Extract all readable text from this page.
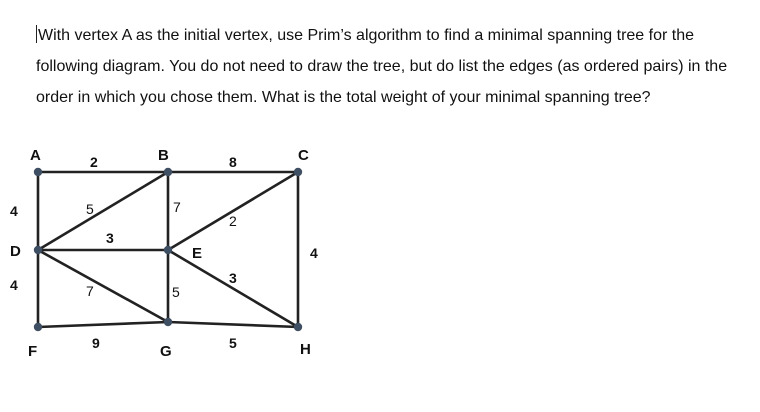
With vertex A as the initial vertex, use Prim’s algorithm to find a minimal spanning tree for the following diagram. You do not need to draw the tree, but do list the edges (as ordered pairs) in the order in which you chose them. What is the total weight of your minimal spanning tree?
2	8
4	5	7
2
4
3
4	7	5
3
9	5
A	B	C
D	E
F	G	H
